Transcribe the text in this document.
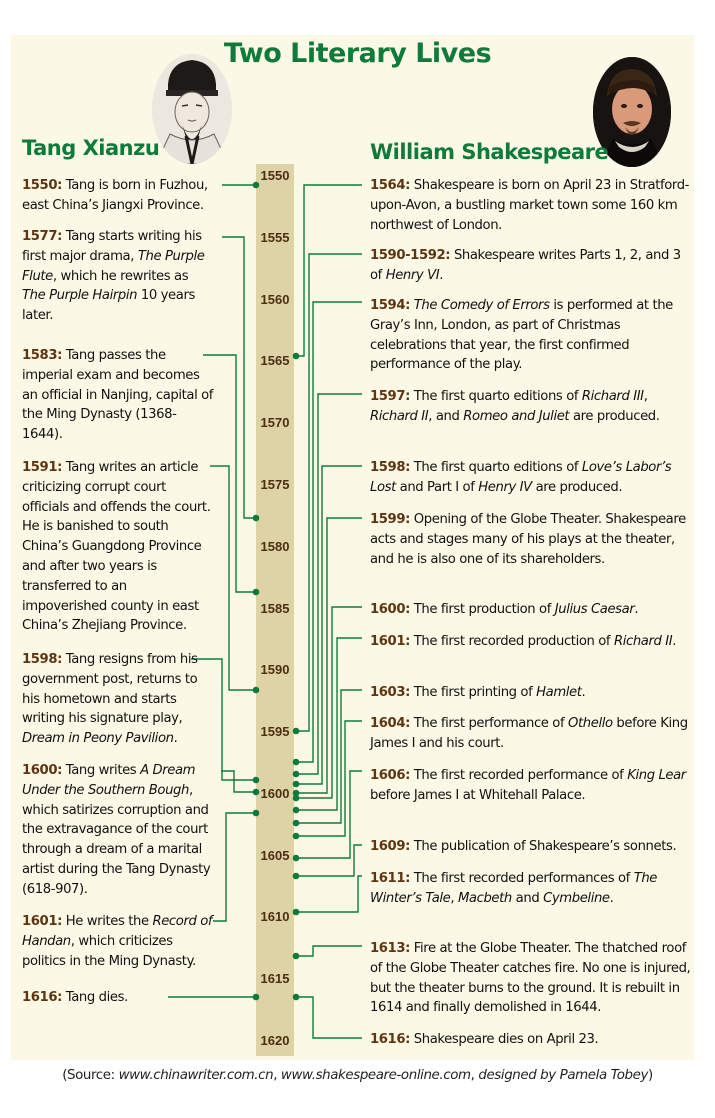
Two Literary Lives
Tang Xianzu	William Shakespeare
1550
1555
1560
1565
1570
1575
1580
1585
1590
1595
1600
1605
1610
1615
1620

1550: Tang is born in Fuzhou, east China’s Jiangxi Province.

1577: Tang starts writing his first major drama, The Purple Flute, which he rewrites as The Purple Hairpin 10 years later.

1583: Tang passes the imperial exam and becomes an official in Nanjing, capital of the Ming Dynasty (1368-1644).

1591: Tang writes an article criticizing corrupt court officials and offends the court. He is banished to south China’s Guangdong Province and after two years is transferred to an impoverished county in east China’s Zhejiang Province.

1598: Tang resigns from his government post, returns to his hometown and starts writing his signature play, Dream in Peony Pavilion.

1600: Tang writes A Dream Under the Southern Bough, which satirizes corruption and the extravagance of the court through a dream of a marital artist during the Tang Dynasty (618-907).

1601: He writes the Record of Handan, which criticizes politics in the Ming Dynasty.

1616: Tang dies.

1564: Shakespeare is born on April 23 in Stratford-upon-Avon, a bustling market town some 160 km northwest of London.

1590-1592: Shakespeare writes Parts 1, 2, and 3 of Henry VI.

1594: The Comedy of Errors is performed at the Gray’s Inn, London, as part of Christmas celebrations that year, the first confirmed performance of the play.

1597: The first quarto editions of Richard III, Richard II, and Romeo and Juliet are produced.

1598: The first quarto editions of Love’s Labor’s Lost and Part I of Henry IV are produced.

1599: Opening of the Globe Theater. Shakespeare acts and stages many of his plays at the theater, and he is also one of its shareholders.

1600: The first production of Julius Caesar.

1601: The first recorded production of Richard II.

1603: The first printing of Hamlet.

1604: The first performance of Othello before King James I and his court.

1606: The first recorded performance of King Lear before James I at Whitehall Palace.

1609: The publication of Shakespeare’s sonnets.

1611: The first recorded performances of The Winter’s Tale, Macbeth and Cymbeline.

1613: Fire at the Globe Theater. The thatched roof of the Globe Theater catches fire. No one is injured, but the theater burns to the ground. It is rebuilt in 1614 and finally demolished in 1644.

1616: Shakespeare dies on April 23.

(Source: www.chinawriter.com.cn, www.shakespeare-online.com, designed by Pamela Tobey)
